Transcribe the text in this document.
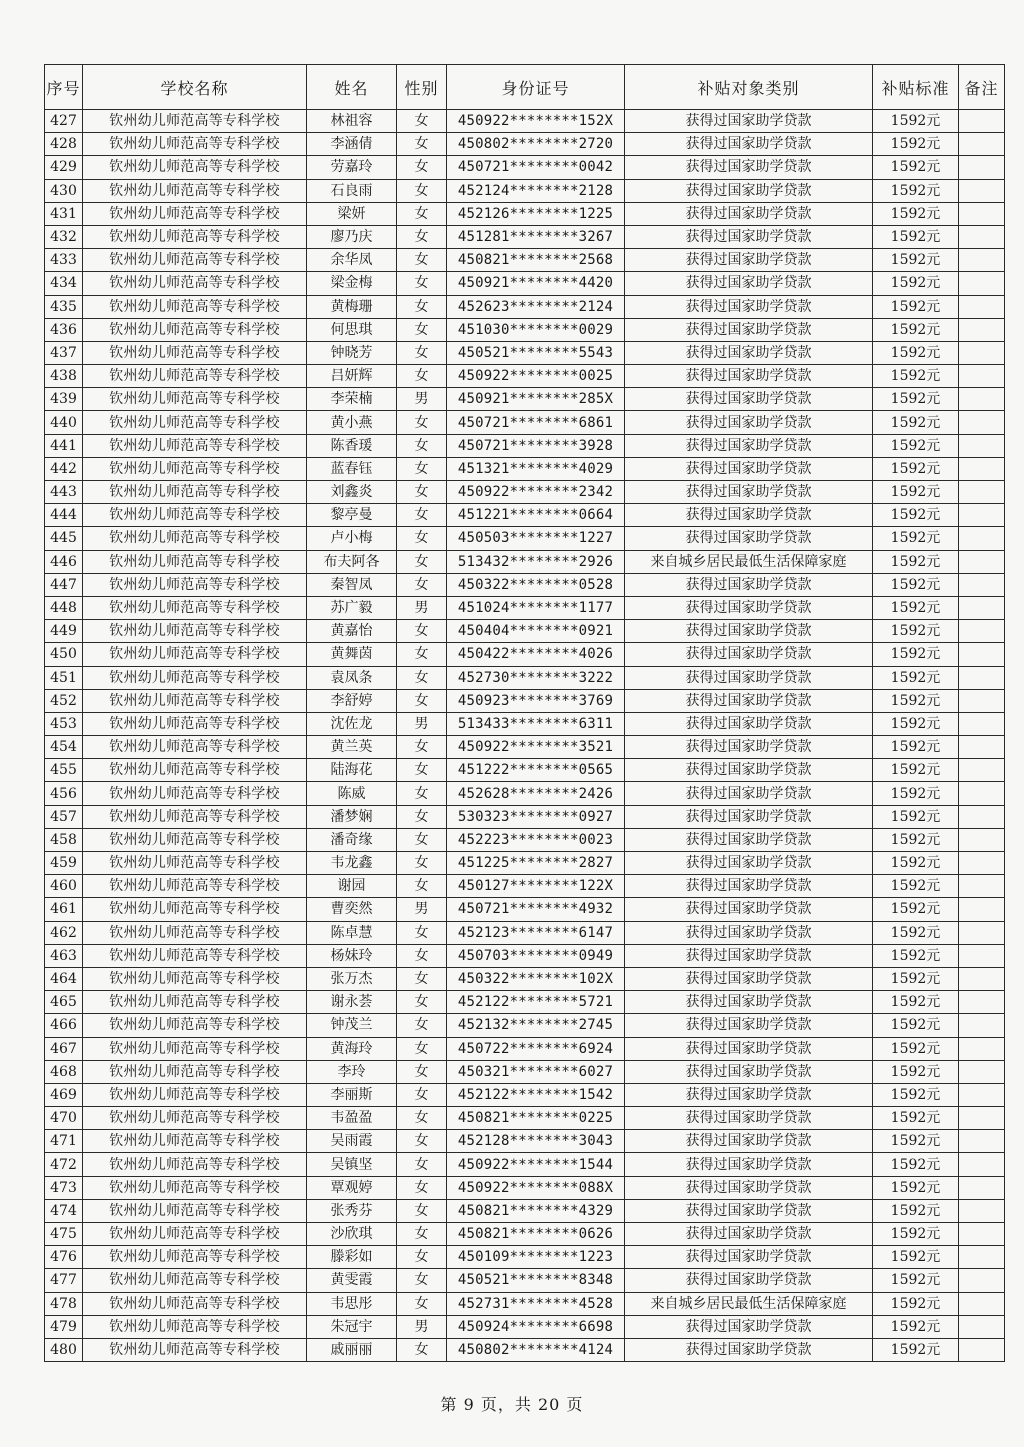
序号	学校名称	姓名	性别	身份证号	补贴对象类别	补贴标准	备注
427	钦州幼儿师范高等专科学校	林祖容	女	450922********152X	获得过国家助学贷款	1592元	
428	钦州幼儿师范高等专科学校	李涵倩	女	450802********2720	获得过国家助学贷款	1592元	
429	钦州幼儿师范高等专科学校	劳嘉玲	女	450721********0042	获得过国家助学贷款	1592元	
430	钦州幼儿师范高等专科学校	石良雨	女	452124********2128	获得过国家助学贷款	1592元	
431	钦州幼儿师范高等专科学校	梁妍	女	452126********1225	获得过国家助学贷款	1592元	
432	钦州幼儿师范高等专科学校	廖乃庆	女	451281********3267	获得过国家助学贷款	1592元	
433	钦州幼儿师范高等专科学校	余华凤	女	450821********2568	获得过国家助学贷款	1592元	
434	钦州幼儿师范高等专科学校	梁金梅	女	450921********4420	获得过国家助学贷款	1592元	
435	钦州幼儿师范高等专科学校	黄梅珊	女	452623********2124	获得过国家助学贷款	1592元	
436	钦州幼儿师范高等专科学校	何思琪	女	451030********0029	获得过国家助学贷款	1592元	
437	钦州幼儿师范高等专科学校	钟晓芳	女	450521********5543	获得过国家助学贷款	1592元	
438	钦州幼儿师范高等专科学校	吕妍辉	女	450922********0025	获得过国家助学贷款	1592元	
439	钦州幼儿师范高等专科学校	李荣楠	男	450921********285X	获得过国家助学贷款	1592元	
440	钦州幼儿师范高等专科学校	黄小燕	女	450721********6861	获得过国家助学贷款	1592元	
441	钦州幼儿师范高等专科学校	陈香瑗	女	450721********3928	获得过国家助学贷款	1592元	
442	钦州幼儿师范高等专科学校	蓝春钰	女	451321********4029	获得过国家助学贷款	1592元	
443	钦州幼儿师范高等专科学校	刘鑫炎	女	450922********2342	获得过国家助学贷款	1592元	
444	钦州幼儿师范高等专科学校	黎亭曼	女	451221********0664	获得过国家助学贷款	1592元	
445	钦州幼儿师范高等专科学校	卢小梅	女	450503********1227	获得过国家助学贷款	1592元	
446	钦州幼儿师范高等专科学校	布夫阿各	女	513432********2926	来自城乡居民最低生活保障家庭	1592元	
447	钦州幼儿师范高等专科学校	秦智凤	女	450322********0528	获得过国家助学贷款	1592元	
448	钦州幼儿师范高等专科学校	苏广毅	男	451024********1177	获得过国家助学贷款	1592元	
449	钦州幼儿师范高等专科学校	黄嘉怡	女	450404********0921	获得过国家助学贷款	1592元	
450	钦州幼儿师范高等专科学校	黄舞茵	女	450422********4026	获得过国家助学贷款	1592元	
451	钦州幼儿师范高等专科学校	袁凤条	女	452730********3222	获得过国家助学贷款	1592元	
452	钦州幼儿师范高等专科学校	李舒婷	女	450923********3769	获得过国家助学贷款	1592元	
453	钦州幼儿师范高等专科学校	沈佐龙	男	513433********6311	获得过国家助学贷款	1592元	
454	钦州幼儿师范高等专科学校	黄兰英	女	450922********3521	获得过国家助学贷款	1592元	
455	钦州幼儿师范高等专科学校	陆海花	女	451222********0565	获得过国家助学贷款	1592元	
456	钦州幼儿师范高等专科学校	陈威	女	452628********2426	获得过国家助学贷款	1592元	
457	钦州幼儿师范高等专科学校	潘梦娴	女	530323********0927	获得过国家助学贷款	1592元	
458	钦州幼儿师范高等专科学校	潘奇缘	女	452223********0023	获得过国家助学贷款	1592元	
459	钦州幼儿师范高等专科学校	韦龙鑫	女	451225********2827	获得过国家助学贷款	1592元	
460	钦州幼儿师范高等专科学校	谢园	女	450127********122X	获得过国家助学贷款	1592元	
461	钦州幼儿师范高等专科学校	曹奕然	男	450721********4932	获得过国家助学贷款	1592元	
462	钦州幼儿师范高等专科学校	陈卓慧	女	452123********6147	获得过国家助学贷款	1592元	
463	钦州幼儿师范高等专科学校	杨妹玲	女	450703********0949	获得过国家助学贷款	1592元	
464	钦州幼儿师范高等专科学校	张万杰	女	450322********102X	获得过国家助学贷款	1592元	
465	钦州幼儿师范高等专科学校	谢永荟	女	452122********5721	获得过国家助学贷款	1592元	
466	钦州幼儿师范高等专科学校	钟茂兰	女	452132********2745	获得过国家助学贷款	1592元	
467	钦州幼儿师范高等专科学校	黄海玲	女	450722********6924	获得过国家助学贷款	1592元	
468	钦州幼儿师范高等专科学校	李玲	女	450321********6027	获得过国家助学贷款	1592元	
469	钦州幼儿师范高等专科学校	李丽斯	女	452122********1542	获得过国家助学贷款	1592元	
470	钦州幼儿师范高等专科学校	韦盈盈	女	450821********0225	获得过国家助学贷款	1592元	
471	钦州幼儿师范高等专科学校	吴雨霞	女	452128********3043	获得过国家助学贷款	1592元	
472	钦州幼儿师范高等专科学校	吴镇坚	女	450922********1544	获得过国家助学贷款	1592元	
473	钦州幼儿师范高等专科学校	覃观婷	女	450922********088X	获得过国家助学贷款	1592元	
474	钦州幼儿师范高等专科学校	张秀芬	女	450821********4329	获得过国家助学贷款	1592元	
475	钦州幼儿师范高等专科学校	沙欣琪	女	450821********0626	获得过国家助学贷款	1592元	
476	钦州幼儿师范高等专科学校	滕彩如	女	450109********1223	获得过国家助学贷款	1592元	
477	钦州幼儿师范高等专科学校	黄雯霞	女	450521********8348	获得过国家助学贷款	1592元	
478	钦州幼儿师范高等专科学校	韦思彤	女	452731********4528	来自城乡居民最低生活保障家庭	1592元	
479	钦州幼儿师范高等专科学校	朱冠宇	男	450924********6698	获得过国家助学贷款	1592元	
480	钦州幼儿师范高等专科学校	戚丽丽	女	450802********4124	获得过国家助学贷款	1592元	
第 9 页，共 20 页
